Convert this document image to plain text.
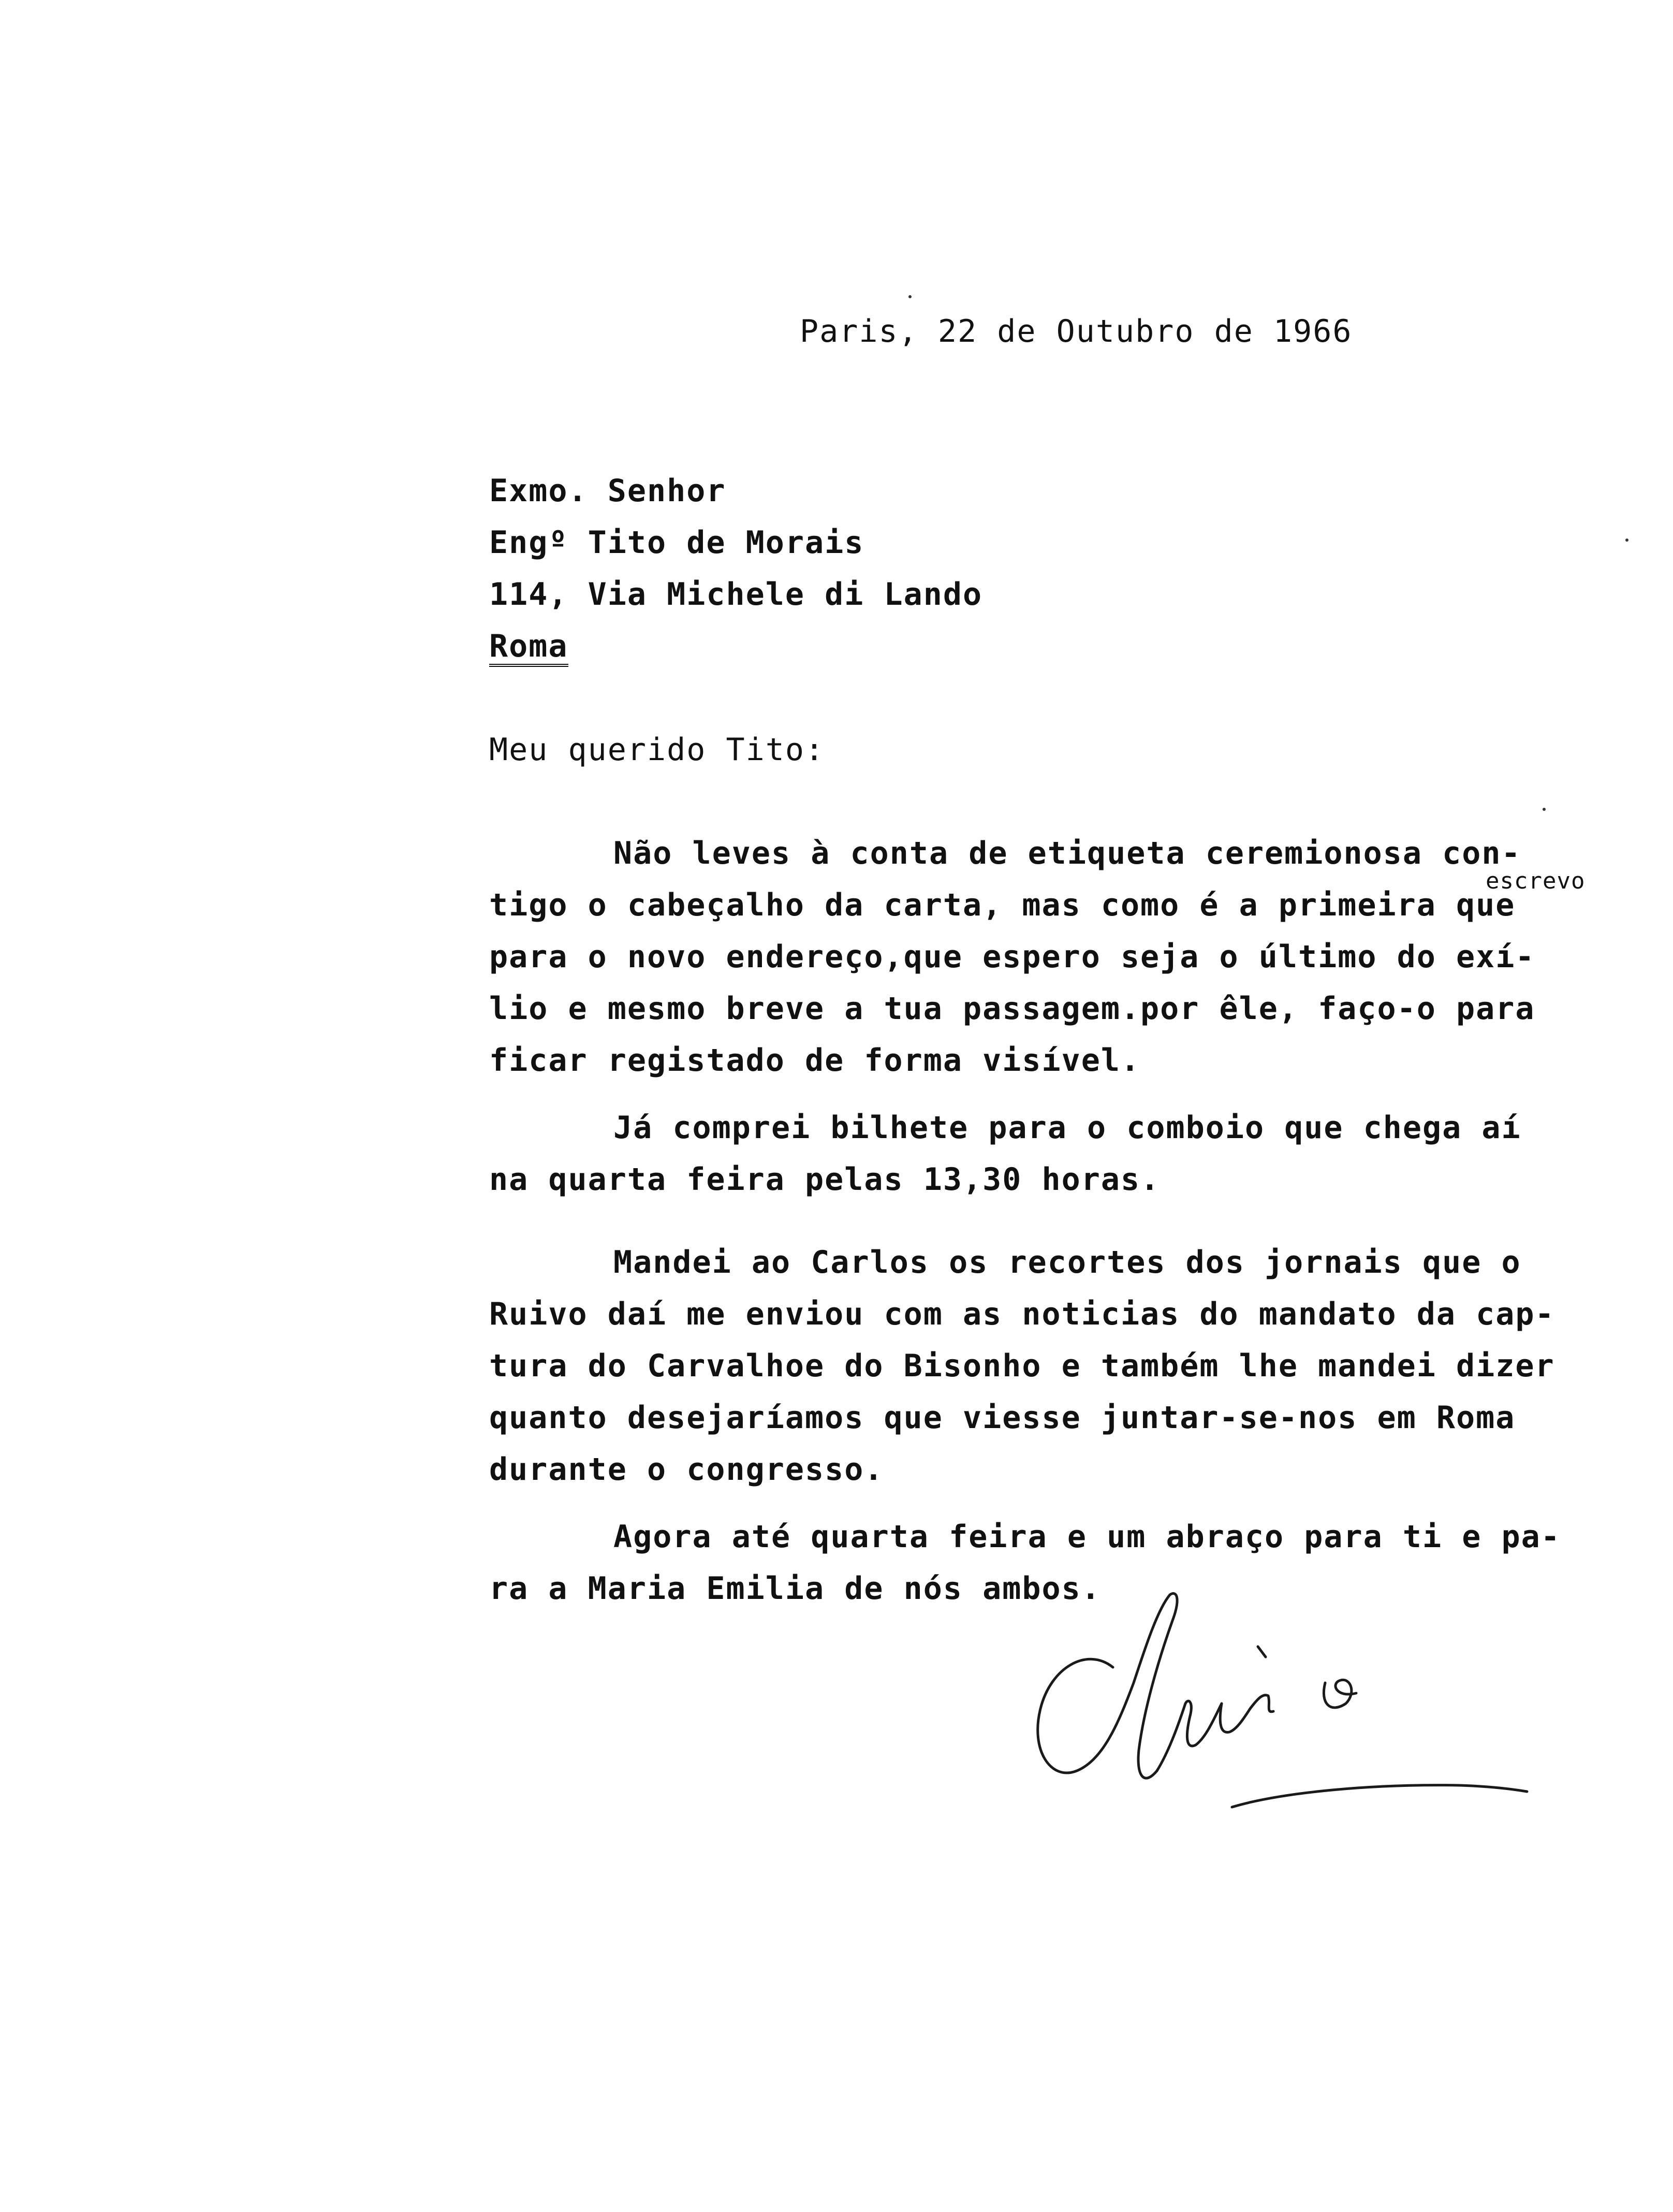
Paris, 22 de Outubro de 1966
Exmo. Senhor
Engº Tito de Morais
114, Via Michele di Lando
Roma
Meu querido Tito:
Não leves à conta de etiqueta ceremionosa con-
escrevo
tigo o cabeçalho da carta, mas como é a primeira que
para o novo endereço,que espero seja o último do exí-
lio e mesmo breve a tua passagem.por êle, faço-o para
ficar registado de forma visível.
Já comprei bilhete para o comboio que chega aí
na quarta feira pelas 13,30 horas.
Mandei ao Carlos os recortes dos jornais que o
Ruivo daí me enviou com as noticias do mandato da cap-
tura do Carvalhoe do Bisonho e também lhe mandei dizer
quanto desejaríamos que viesse juntar-se-nos em Roma
durante o congresso.
Agora até quarta feira e um abraço para ti e pa-
ra a Maria Emilia de nós ambos.
